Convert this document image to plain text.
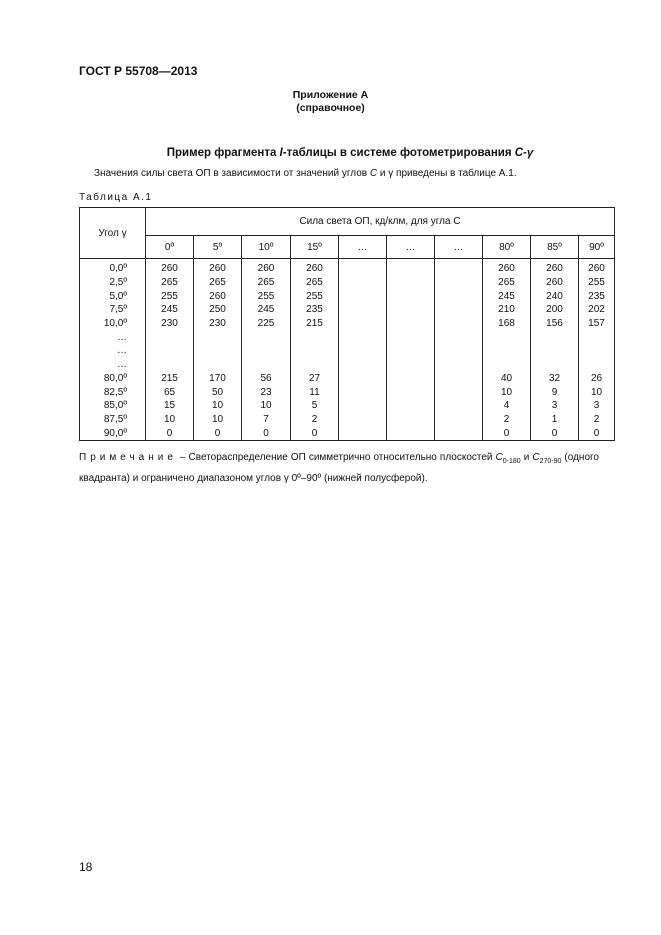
ГОСТ Р 55708—2013
Приложение А
(справочное)
Пример фрагмента I-таблицы в системе фотометрирования C-γ
Значения силы света ОП в зависимости от значений углов C и γ приведены в таблице А.1.
Таблица А.1
Угол γ	Сила света ОП, кд/клм, для угла C									
	0º	5º	10º	15º	…	…	…	80º	85º	90º
0,0º	260	260	260	260				260	260	260
2,5º	265	265	265	265				265	260	255
5,0º	255	260	255	255				245	240	235
7,5º	245	250	245	235				210	200	202
10,0º	230	230	225	215				168	156	157
…										
…										
…										
80,0º	215	170	56	27				40	32	26
82,5º	65	50	23	11				10	9	10
85,0º	15	10	10	5				4	3	3
87,5º	10	10	7	2				2	1	2
90,0º	0	0	0	0				0	0	0
Примечание – Светораспределение ОП симметрично относительно плоскостей $C_{0-180}$ и $C_{270-90}$ (одного квадранта) и ограничено диапазоном углов γ 0º–90º (нижней полусферой).
18
